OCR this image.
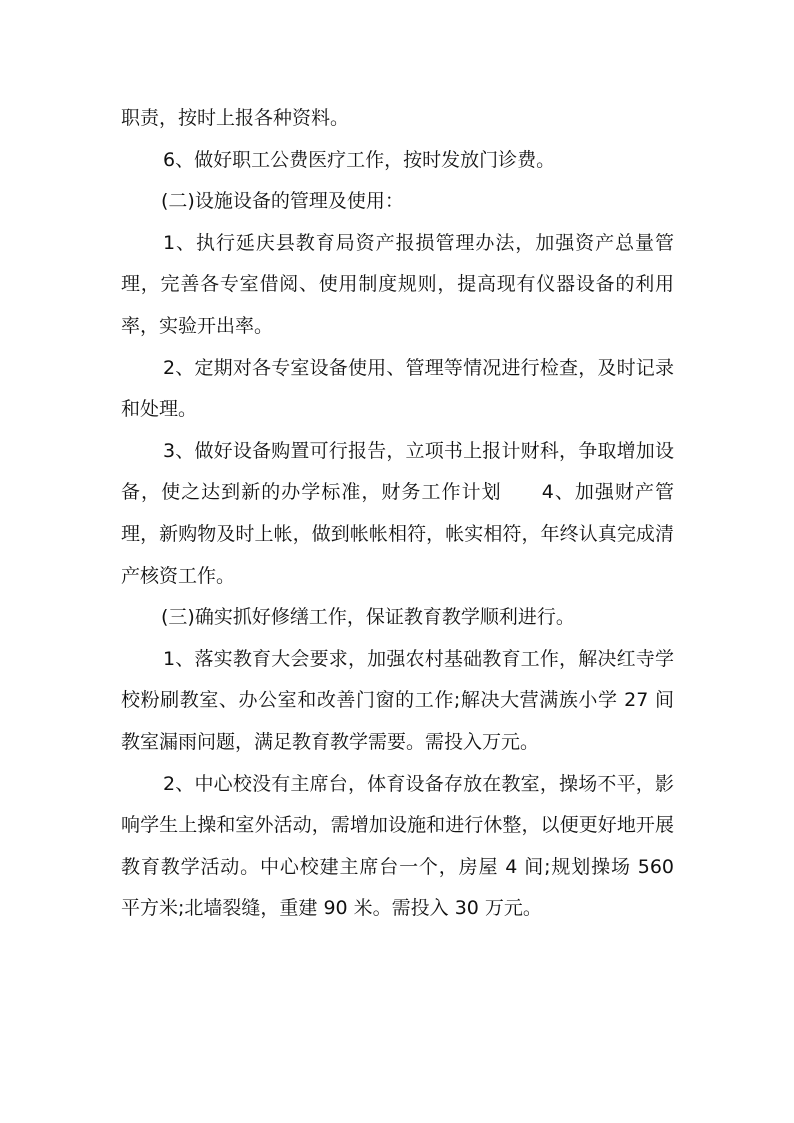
职责，按时上报各种资料。

6、做好职工公费医疗工作，按时发放门诊费。

(二)设施设备的管理及使用：

1、执行延庆县教育局资产报损管理办法，加强资产总量管理，完善各专室借阅、使用制度规则，提高现有仪器设备的利用率，实验开出率。

2、定期对各专室设备使用、管理等情况进行检查，及时记录和处理。

3、做好设备购置可行报告，立项书上报计财科，争取增加设备，使之达到新的办学标准，财务工作计划　　4、加强财产管理，新购物及时上帐，做到帐帐相符，帐实相符，年终认真完成清产核资工作。

(三)确实抓好修缮工作，保证教育教学顺利进行。

1、落实教育大会要求，加强农村基础教育工作，解决红寺学校粉刷教室、办公室和改善门窗的工作;解决大营满族小学 27 间教室漏雨问题，满足教育教学需要。需投入万元。

2、中心校没有主席台，体育设备存放在教室，操场不平，影响学生上操和室外活动，需增加设施和进行休整，以便更好地开展教育教学活动。中心校建主席台一个，房屋 4 间;规划操场 560 平方米;北墙裂缝，重建 90 米。需投入 30 万元。
